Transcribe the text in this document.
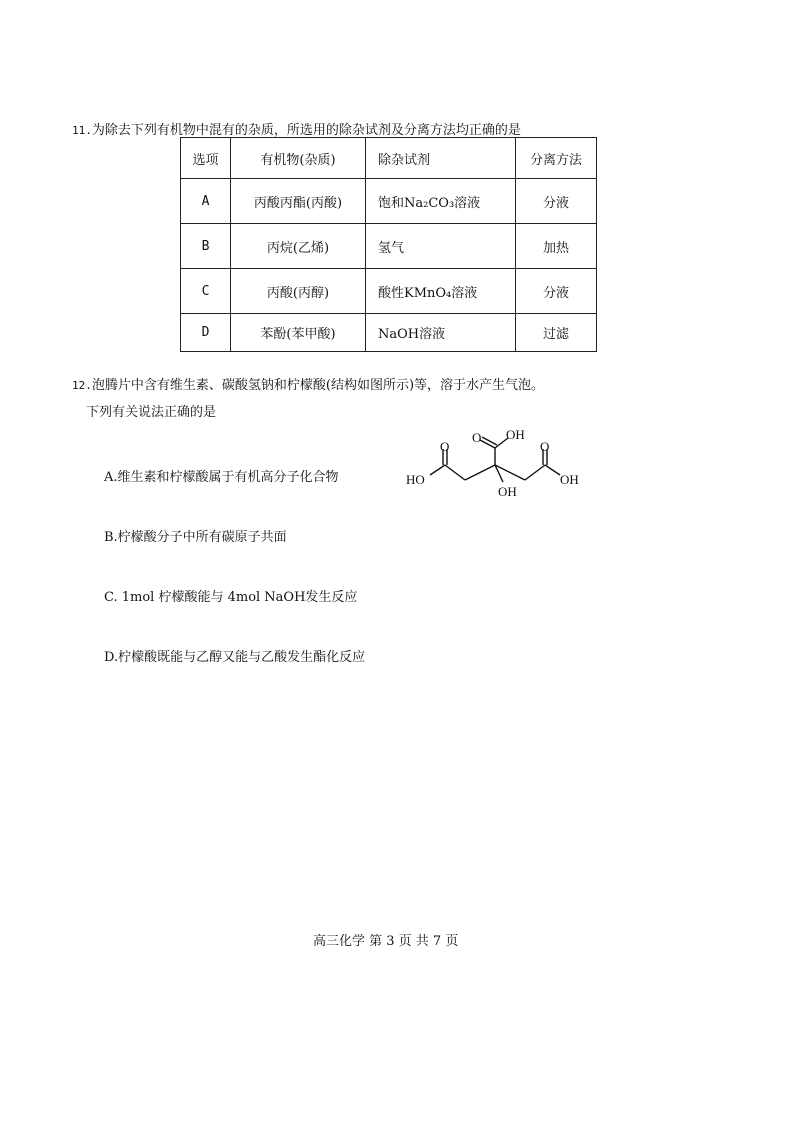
11.为除去下列有机物中混有的杂质，所选用的除杂试剂及分离方法均正确的是
选项	有机物(杂质)	除杂试剂	分离方法
A	丙酸丙酯(丙酸)	饱和Na₂CO₃溶液	分液
B	丙烷(乙烯)	氢气	加热
C	丙酸(丙醇)	酸性KMnO₄溶液	分液
D	苯酚(苯甲酸)	NaOH溶液	过滤
12.泡腾片中含有维生素、碳酸氢钠和柠檬酸(结构如图所示)等，溶于水产生气泡。
下列有关说法正确的是
O OH
O	O
HO	OH
OH
A.维生素和柠檬酸属于有机高分子化合物
B.柠檬酸分子中所有碳原子共面
C. 1mol 柠檬酸能与 4mol NaOH发生反应
D.柠檬酸既能与乙醇又能与乙酸发生酯化反应
高三化学 第 3 页 共 7 页
